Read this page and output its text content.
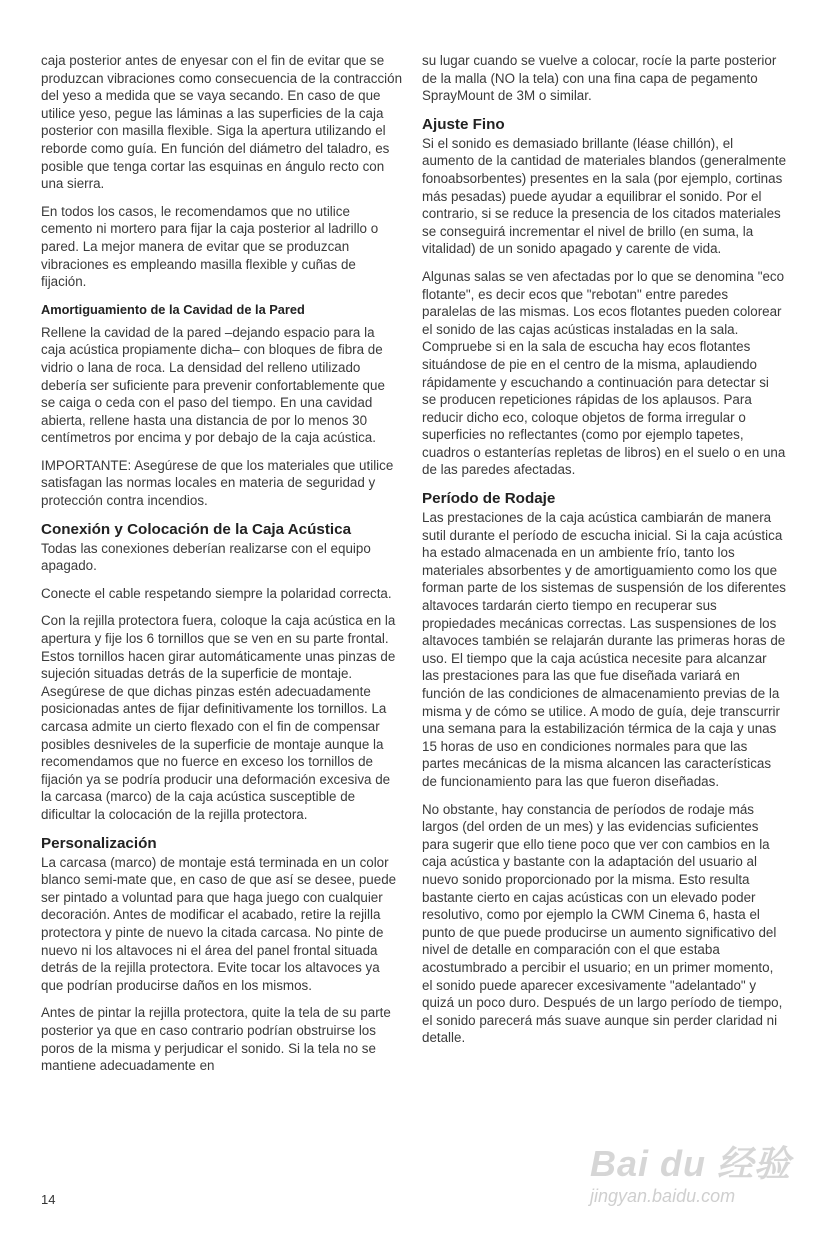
caja posterior antes de enyesar con el fin de evitar que se produzcan vibraciones como consecuencia de la contracción del yeso a medida que se vaya secando. En caso de que utilice yeso, pegue las láminas a las superficies de la caja posterior con masilla flexible. Siga la apertura utilizando el reborde como guía. En función del diámetro del taladro, es posible que tenga cortar las esquinas en ángulo recto con una sierra.

En todos los casos, le recomendamos que no utilice cemento ni mortero para fijar la caja posterior al ladrillo o pared. La mejor manera de evitar que se produzcan vibraciones es empleando masilla flexible y cuñas de fijación.

Amortiguamiento de la Cavidad de la Pared

Rellene la cavidad de la pared –dejando espacio para la caja acústica propiamente dicha– con bloques de fibra de vidrio o lana de roca. La densidad del relleno utilizado debería ser suficiente para prevenir confortablemente que se caiga o ceda con el paso del tiempo. En una cavidad abierta, rellene hasta una distancia de por lo menos 30 centímetros por encima y por debajo de la caja acústica.

IMPORTANTE: Asegúrese de que los materiales que utilice satisfagan las normas locales en materia de seguridad y protección contra incendios.

Conexión y Colocación de la Caja Acústica

Todas las conexiones deberían realizarse con el equipo apagado.

Conecte el cable respetando siempre la polaridad correcta.

Con la rejilla protectora fuera, coloque la caja acústica en la apertura y fije los 6 tornillos que se ven en su parte frontal. Estos tornillos hacen girar automáticamente unas pinzas de sujeción situadas detrás de la superficie de montaje. Asegúrese de que dichas pinzas estén adecuadamente posicionadas antes de fijar definitivamente los tornillos. La carcasa admite un cierto flexado con el fin de compensar posibles desniveles de la superficie de montaje aunque la recomendamos que no fuerce en exceso los tornillos de fijación ya se podría producir una deformación excesiva de la carcasa (marco) de la caja acústica susceptible de dificultar la colocación de la rejilla protectora.

Personalización

La carcasa (marco) de montaje está terminada en un color blanco semi-mate que, en caso de que así se desee, puede ser pintado a voluntad para que haga juego con cualquier decoración. Antes de modificar el acabado, retire la rejilla protectora y pinte de nuevo la citada carcasa. No pinte de nuevo ni los altavoces ni el área del panel frontal situada detrás de la rejilla protectora. Evite tocar los altavoces ya que podrían producirse daños en los mismos.

Antes de pintar la rejilla protectora, quite la tela de su parte posterior ya que en caso contrario podrían obstruirse los poros de la misma y perjudicar el sonido. Si la tela no se mantiene adecuadamente en

su lugar cuando se vuelve a colocar, rocíe la parte posterior de la malla (NO la tela) con una fina capa de pegamento SprayMount de 3M o similar.

Ajuste Fino

Si el sonido es demasiado brillante (léase chillón), el aumento de la cantidad de materiales blandos (generalmente fonoabsorbentes) presentes en la sala (por ejemplo, cortinas más pesadas) puede ayudar a equilibrar el sonido. Por el contrario, si se reduce la presencia de los citados materiales se conseguirá incrementar el nivel de brillo (en suma, la vitalidad) de un sonido apagado y carente de vida.

Algunas salas se ven afectadas por lo que se denomina "eco flotante", es decir ecos que "rebotan" entre paredes paralelas de las mismas. Los ecos flotantes pueden colorear el sonido de las cajas acústicas instaladas en la sala. Compruebe si en la sala de escucha hay ecos flotantes situándose de pie en el centro de la misma, aplaudiendo rápidamente y escuchando a continuación para detectar si se producen repeticiones rápidas de los aplausos. Para reducir dicho eco, coloque objetos de forma irregular o superficies no reflectantes (como por ejemplo tapetes, cuadros o estanterías repletas de libros) en el suelo o en una de las paredes afectadas.

Período de Rodaje

Las prestaciones de la caja acústica cambiarán de manera sutil durante el período de escucha inicial. Si la caja acústica ha estado almacenada en un ambiente frío, tanto los materiales absorbentes y de amortiguamiento como los que forman parte de los sistemas de suspensión de los diferentes altavoces tardarán cierto tiempo en recuperar sus propiedades mecánicas correctas. Las suspensiones de los altavoces también se relajarán durante las primeras horas de uso. El tiempo que la caja acústica necesite para alcanzar las prestaciones para las que fue diseñada variará en función de las condiciones de almacenamiento previas de la misma y de cómo se utilice. A modo de guía, deje transcurrir una semana para la estabilización térmica de la caja y unas 15 horas de uso en condiciones normales para que las partes mecánicas de la misma alcancen las características de funcionamiento para las que fueron diseñadas.

No obstante, hay constancia de períodos de rodaje más largos (del orden de un mes) y las evidencias suficientes para sugerir que ello tiene poco que ver con cambios en la caja acústica y bastante con la adaptación del usuario al nuevo sonido proporcionado por la misma. Esto resulta bastante cierto en cajas acústicas con un elevado poder resolutivo, como por ejemplo la CWM Cinema 6, hasta el punto de que puede producirse un aumento significativo del nivel de detalle en comparación con el que estaba acostumbrado a percibir el usuario; en un primer momento, el sonido puede aparecer excesivamente "adelantado" y quizá un poco duro. Después de un largo período de tiempo, el sonido parecerá más suave aunque sin perder claridad ni detalle.

14
Bai du 经验
jingyan.baidu.com
